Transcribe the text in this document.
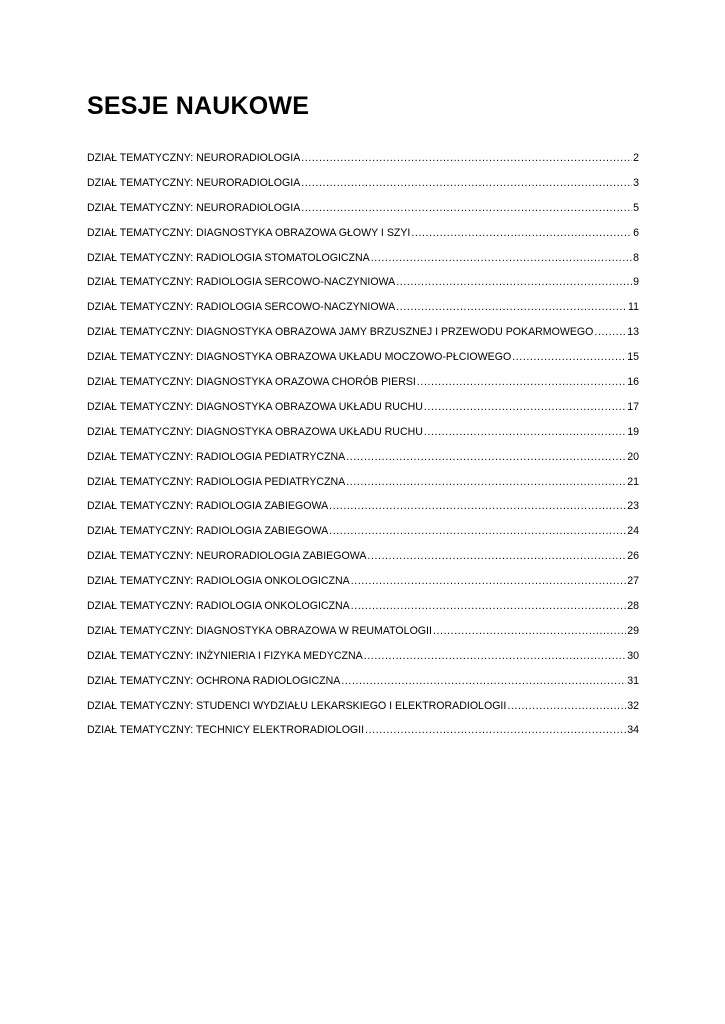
SESJE NAUKOWE
DZIAŁ TEMATYCZNY: NEURORADIOLOGIA .....	2
DZIAŁ TEMATYCZNY: NEURORADIOLOGIA .....	3
DZIAŁ TEMATYCZNY: NEURORADIOLOGIA .....	5
DZIAŁ TEMATYCZNY: DIAGNOSTYKA OBRAZOWA GŁOWY I SZYI .....	6
DZIAŁ TEMATYCZNY: RADIOLOGIA STOMATOLOGICZNA .....	8
DZIAŁ TEMATYCZNY: RADIOLOGIA SERCOWO-NACZYNIOWA .....	9
DZIAŁ TEMATYCZNY: RADIOLOGIA SERCOWO-NACZYNIOWA .....	11
DZIAŁ TEMATYCZNY: DIAGNOSTYKA OBRAZOWA JAMY BRZUSZNEJ I PRZEWODU POKARMOWEGO .....	13
DZIAŁ TEMATYCZNY: DIAGNOSTYKA OBRAZOWA UKŁADU MOCZOWO-PŁCIOWEGO .....	15
DZIAŁ TEMATYCZNY: DIAGNOSTYKA ORAZOWA CHORÓB PIERSI .....	16
DZIAŁ TEMATYCZNY: DIAGNOSTYKA OBRAZOWA UKŁADU RUCHU .....	17
DZIAŁ TEMATYCZNY: DIAGNOSTYKA OBRAZOWA UKŁADU RUCHU .....	19
DZIAŁ TEMATYCZNY: RADIOLOGIA PEDIATRYCZNA .....	20
DZIAŁ TEMATYCZNY: RADIOLOGIA PEDIATRYCZNA .....	21
DZIAŁ TEMATYCZNY: RADIOLOGIA ZABIEGOWA .....	23
DZIAŁ TEMATYCZNY: RADIOLOGIA ZABIEGOWA .....	24
DZIAŁ TEMATYCZNY: NEURORADIOLOGIA ZABIEGOWA .....	26
DZIAŁ TEMATYCZNY: RADIOLOGIA ONKOLOGICZNA .....	27
DZIAŁ TEMATYCZNY: RADIOLOGIA ONKOLOGICZNA .....	28
DZIAŁ TEMATYCZNY: DIAGNOSTYKA OBRAZOWA W REUMATOLOGII .....	29
DZIAŁ TEMATYCZNY: INŻYNIERIA I FIZYKA MEDYCZNA .....	30
DZIAŁ TEMATYCZNY: OCHRONA RADIOLOGICZNA .....	31
DZIAŁ TEMATYCZNY: STUDENCI WYDZIAŁU LEKARSKIEGO I ELEKTRORADIOLOGII .....	32
DZIAŁ TEMATYCZNY: TECHNICY ELEKTRORADIOLOGII .....	34
